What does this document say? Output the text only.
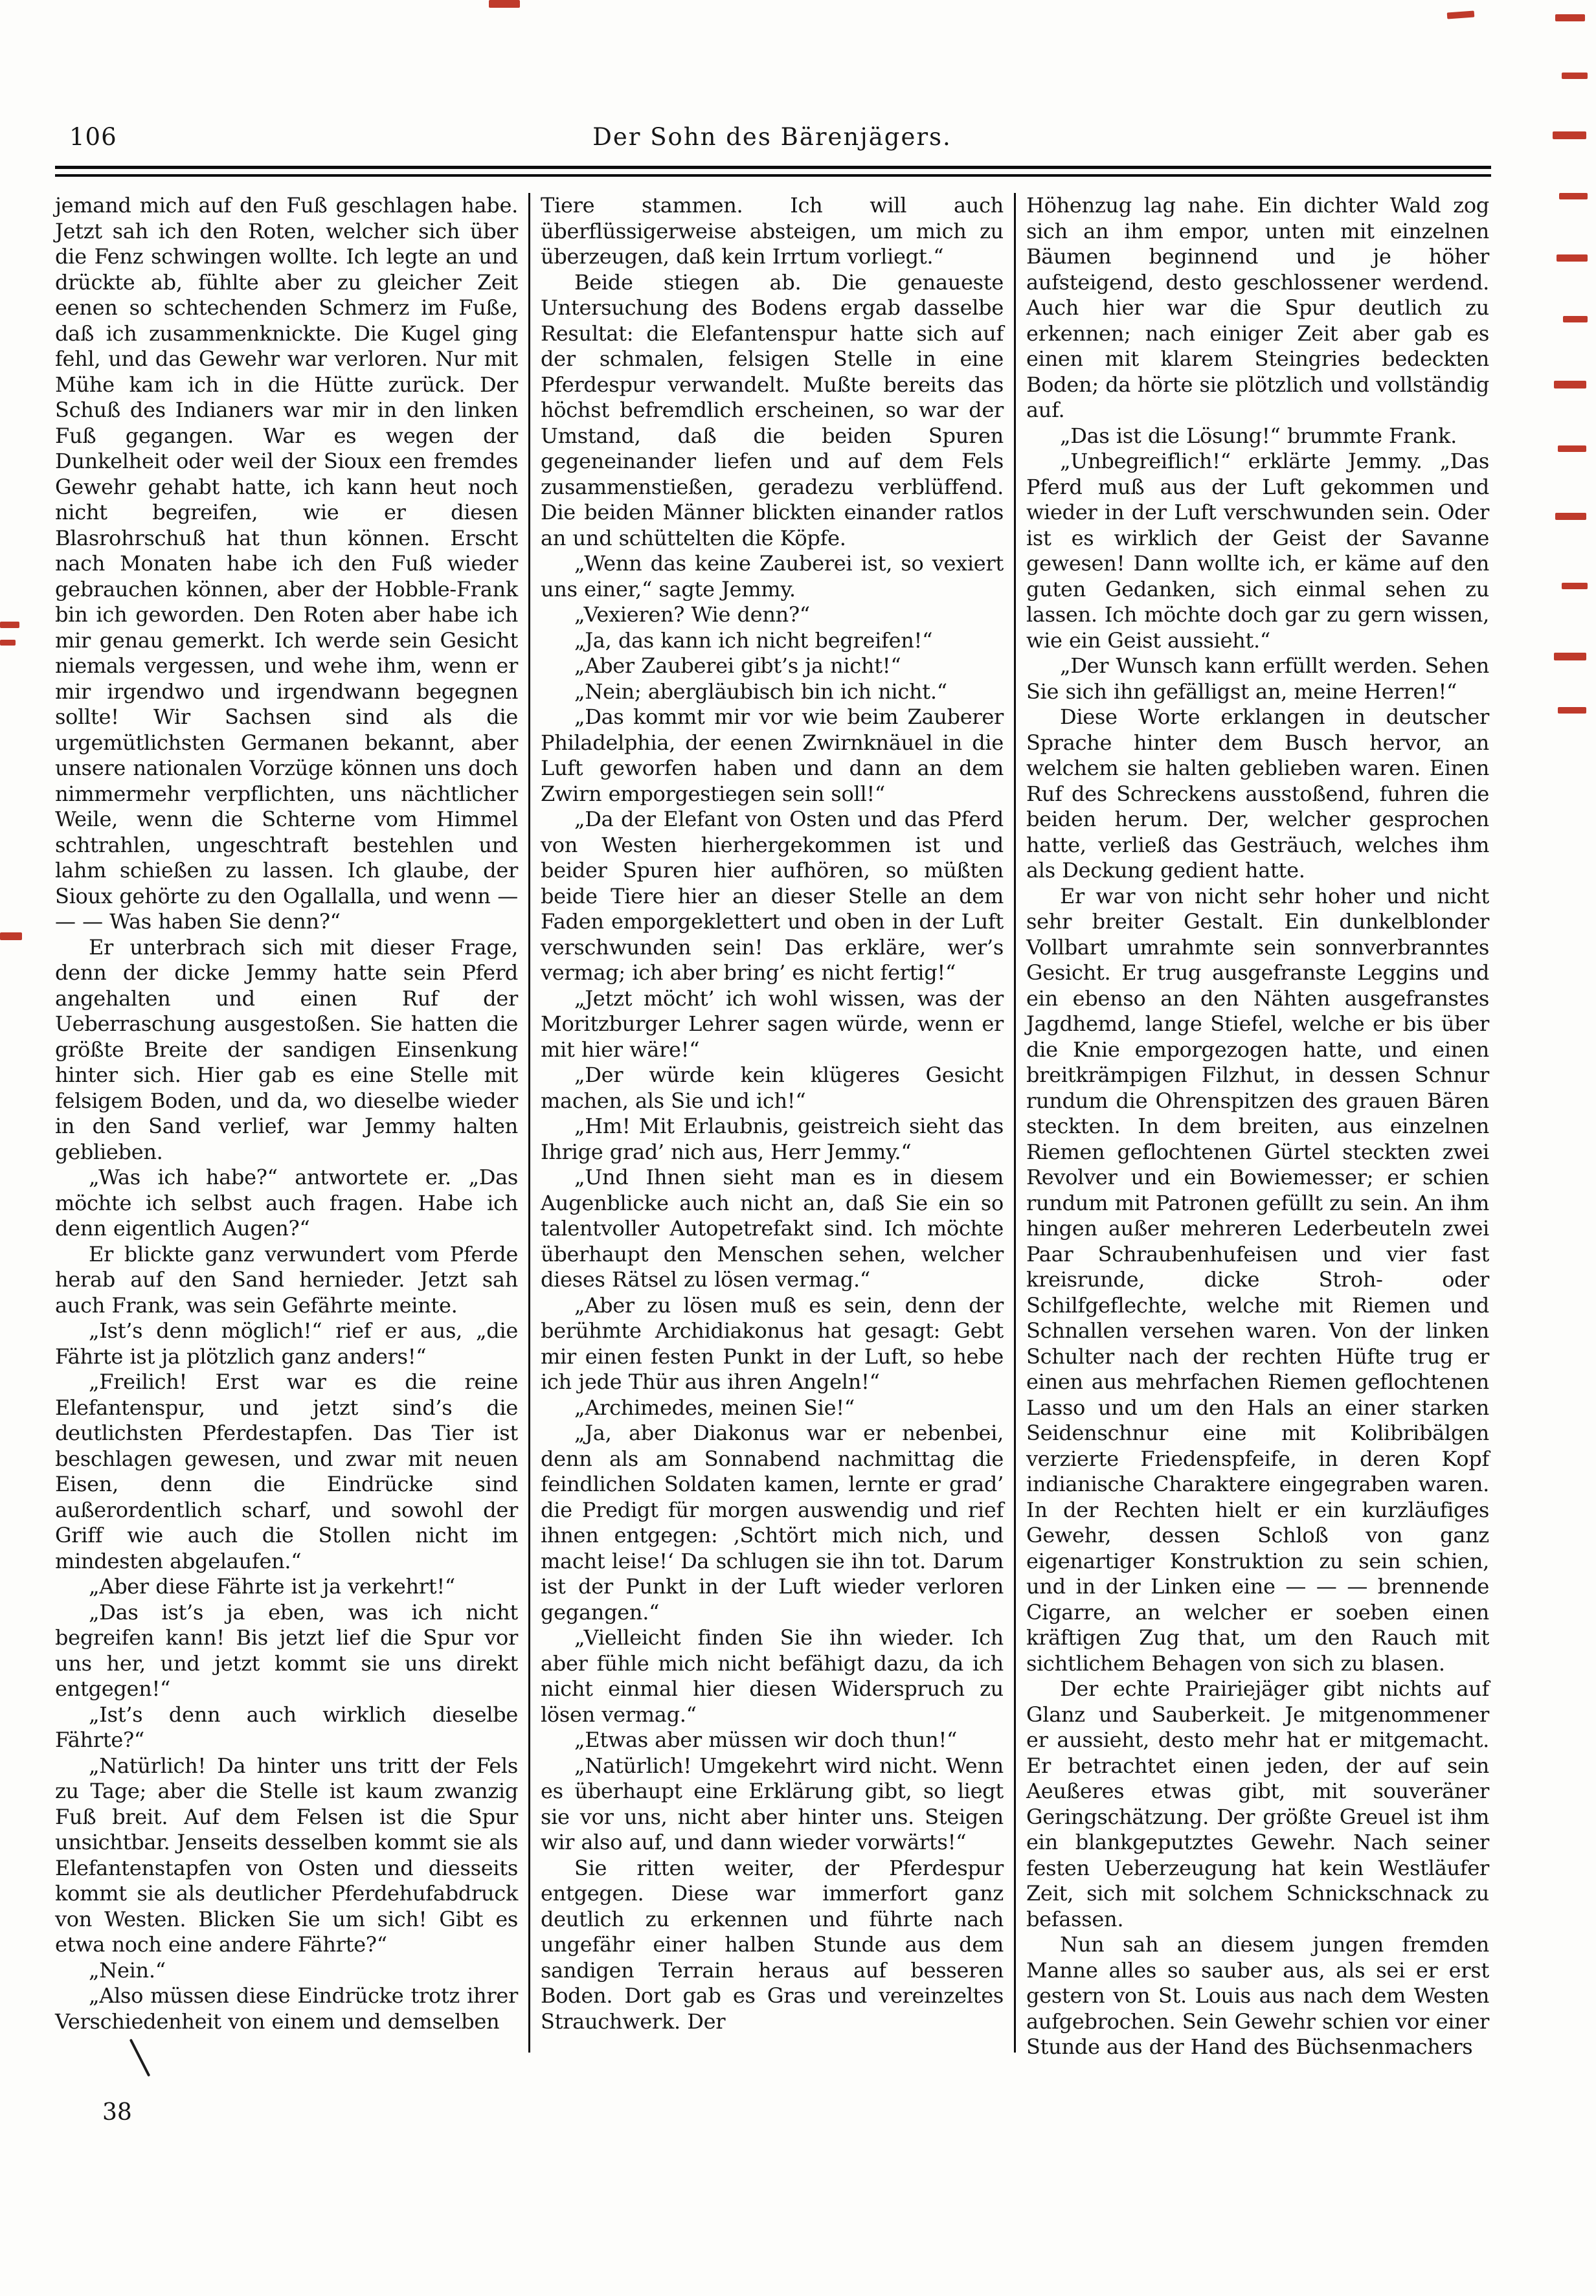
106	Der Sohn des Bärenjägers.

jemand mich auf den Fuß geschlagen habe. Jetzt sah ich den Roten, welcher sich über die Fenz schwingen wollte. Ich legte an und drückte ab, fühlte aber zu gleicher Zeit eenen so schtechenden Schmerz im Fuße, daß ich zusammenknickte. Die Kugel ging fehl, und das Gewehr war verloren. Nur mit Mühe kam ich in die Hütte zurück. Der Schuß des Indianers war mir in den linken Fuß gegangen. War es wegen der Dunkelheit oder weil der Sioux een fremdes Gewehr gehabt hatte, ich kann heut noch nicht begreifen, wie er diesen Blasrohrschuß hat thun können. Erscht nach Monaten habe ich den Fuß wieder gebrauchen können, aber der Hobble-Frank bin ich geworden. Den Roten aber habe ich mir genau gemerkt. Ich werde sein Gesicht niemals vergessen, und wehe ihm, wenn er mir irgendwo und irgendwann begegnen sollte! Wir Sachsen sind als die urgemütlichsten Germanen bekannt, aber unsere nationalen Vorzüge können uns doch nimmermehr verpflichten, uns nächtlicher Weile, wenn die Schterne vom Himmel schtrahlen, ungeschtraft bestehlen und lahm schießen zu lassen. Ich glaube, der Sioux gehörte zu den Ogallalla, und wenn — — — Was haben Sie denn?“

Er unterbrach sich mit dieser Frage, denn der dicke Jemmy hatte sein Pferd angehalten und einen Ruf der Ueberraschung ausgestoßen. Sie hatten die größte Breite der sandigen Einsenkung hinter sich. Hier gab es eine Stelle mit felsigem Boden, und da, wo dieselbe wieder in den Sand verlief, war Jemmy halten geblieben.

„Was ich habe?“ antwortete er. „Das möchte ich selbst auch fragen. Habe ich denn eigentlich Augen?“

Er blickte ganz verwundert vom Pferde herab auf den Sand hernieder. Jetzt sah auch Frank, was sein Gefährte meinte.

„Ist’s denn möglich!“ rief er aus, „die Fährte ist ja plötzlich ganz anders!“

„Freilich! Erst war es die reine Elefantenspur, und jetzt sind’s die deutlichsten Pferdestapfen. Das Tier ist beschlagen gewesen, und zwar mit neuen Eisen, denn die Eindrücke sind außerordentlich scharf, und sowohl der Griff wie auch die Stollen nicht im mindesten abgelaufen.“

„Aber diese Fährte ist ja verkehrt!“

„Das ist’s ja eben, was ich nicht begreifen kann! Bis jetzt lief die Spur vor uns her, und jetzt kommt sie uns direkt entgegen!“

„Ist’s denn auch wirklich dieselbe Fährte?“

„Natürlich! Da hinter uns tritt der Fels zu Tage; aber die Stelle ist kaum zwanzig Fuß breit. Auf dem Felsen ist die Spur unsichtbar. Jenseits desselben kommt sie als Elefantenstapfen von Osten und diesseits kommt sie als deutlicher Pferdehufabdruck von Westen. Blicken Sie um sich! Gibt es etwa noch eine andere Fährte?“

„Nein.“

„Also müssen diese Eindrücke trotz ihrer Verschiedenheit von einem und demselben

Tiere stammen. Ich will auch überflüssigerweise absteigen, um mich zu überzeugen, daß kein Irrtum vorliegt.“

Beide stiegen ab. Die genaueste Untersuchung des Bodens ergab dasselbe Resultat: die Elefantenspur hatte sich auf der schmalen, felsigen Stelle in eine Pferdespur verwandelt. Mußte bereits das höchst befremdlich erscheinen, so war der Umstand, daß die beiden Spuren gegeneinander liefen und auf dem Fels zusammenstießen, geradezu verblüffend. Die beiden Männer blickten einander ratlos an und schüttelten die Köpfe.

„Wenn das keine Zauberei ist, so vexiert uns einer,“ sagte Jemmy.

„Vexieren? Wie denn?“

„Ja, das kann ich nicht begreifen!“

„Aber Zauberei gibt’s ja nicht!“

„Nein; abergläubisch bin ich nicht.“

„Das kommt mir vor wie beim Zauberer Philadelphia, der eenen Zwirnknäuel in die Luft geworfen haben und dann an dem Zwirn emporgestiegen sein soll!“

„Da der Elefant von Osten und das Pferd von Westen hierhergekommen ist und beider Spuren hier aufhören, so müßten beide Tiere hier an dieser Stelle an dem Faden emporgeklettert und oben in der Luft verschwunden sein! Das erkläre, wer’s vermag; ich aber bring’ es nicht fertig!“

„Jetzt möcht’ ich wohl wissen, was der Moritzburger Lehrer sagen würde, wenn er mit hier wäre!“

„Der würde kein klügeres Gesicht machen, als Sie und ich!“

„Hm! Mit Erlaubnis, geistreich sieht das Ihrige grad’ nich aus, Herr Jemmy.“

„Und Ihnen sieht man es in diesem Augenblicke auch nicht an, daß Sie ein so talentvoller Autopetrefakt sind. Ich möchte überhaupt den Menschen sehen, welcher dieses Rätsel zu lösen vermag.“

„Aber zu lösen muß es sein, denn der berühmte Archidiakonus hat gesagt: Gebt mir einen festen Punkt in der Luft, so hebe ich jede Thür aus ihren Angeln!“

„Archimedes, meinen Sie!“

„Ja, aber Diakonus war er nebenbei, denn als am Sonnabend nachmittag die feindlichen Soldaten kamen, lernte er grad’ die Predigt für morgen auswendig und rief ihnen entgegen: ‚Schtört mich nich, und macht leise!‘ Da schlugen sie ihn tot. Darum ist der Punkt in der Luft wieder verloren gegangen.“

„Vielleicht finden Sie ihn wieder. Ich aber fühle mich nicht befähigt dazu, da ich nicht einmal hier diesen Widerspruch zu lösen vermag.“

„Etwas aber müssen wir doch thun!“

„Natürlich! Umgekehrt wird nicht. Wenn es überhaupt eine Erklärung gibt, so liegt sie vor uns, nicht aber hinter uns. Steigen wir also auf, und dann wieder vorwärts!“

Sie ritten weiter, der Pferdespur entgegen. Diese war immerfort ganz deutlich zu erkennen und führte nach ungefähr einer halben Stunde aus dem sandigen Terrain heraus auf besseren Boden. Dort gab es Gras und vereinzeltes Strauchwerk. Der

Höhenzug lag nahe. Ein dichter Wald zog sich an ihm empor, unten mit einzelnen Bäumen beginnend und je höher aufsteigend, desto geschlossener werdend. Auch hier war die Spur deutlich zu erkennen; nach einiger Zeit aber gab es einen mit klarem Steingries bedeckten Boden; da hörte sie plötzlich und vollständig auf.

„Das ist die Lösung!“ brummte Frank.

„Unbegreiflich!“ erklärte Jemmy. „Das Pferd muß aus der Luft gekommen und wieder in der Luft verschwunden sein. Oder ist es wirklich der Geist der Savanne gewesen! Dann wollte ich, er käme auf den guten Gedanken, sich einmal sehen zu lassen. Ich möchte doch gar zu gern wissen, wie ein Geist aussieht.“

„Der Wunsch kann erfüllt werden. Sehen Sie sich ihn gefälligst an, meine Herren!“

Diese Worte erklangen in deutscher Sprache hinter dem Busch hervor, an welchem sie halten geblieben waren. Einen Ruf des Schreckens ausstoßend, fuhren die beiden herum. Der, welcher gesprochen hatte, verließ das Gesträuch, welches ihm als Deckung gedient hatte.

Er war von nicht sehr hoher und nicht sehr breiter Gestalt. Ein dunkelblonder Vollbart umrahmte sein sonnverbranntes Gesicht. Er trug ausgefranste Leggins und ein ebenso an den Nähten ausgefranstes Jagdhemd, lange Stiefel, welche er bis über die Knie emporgezogen hatte, und einen breitkrämpigen Filzhut, in dessen Schnur rundum die Ohrenspitzen des grauen Bären steckten. In dem breiten, aus einzelnen Riemen geflochtenen Gürtel steckten zwei Revolver und ein Bowiemesser; er schien rundum mit Patronen gefüllt zu sein. An ihm hingen außer mehreren Lederbeuteln zwei Paar Schraubenhufeisen und vier fast kreisrunde, dicke Stroh- oder Schilfgeflechte, welche mit Riemen und Schnallen versehen waren. Von der linken Schulter nach der rechten Hüfte trug er einen aus mehrfachen Riemen geflochtenen Lasso und um den Hals an einer starken Seidenschnur eine mit Kolibribälgen verzierte Friedenspfeife, in deren Kopf indianische Charaktere eingegraben waren. In der Rechten hielt er ein kurzläufiges Gewehr, dessen Schloß von ganz eigenartiger Konstruktion zu sein schien, und in der Linken eine — — — brennende Cigarre, an welcher er soeben einen kräftigen Zug that, um den Rauch mit sichtlichem Behagen von sich zu blasen.

Der echte Prairiejäger gibt nichts auf Glanz und Sauberkeit. Je mitgenommener er aussieht, desto mehr hat er mitgemacht. Er betrachtet einen jeden, der auf sein Aeußeres etwas gibt, mit souveräner Geringschätzung. Der größte Greuel ist ihm ein blankgeputztes Gewehr. Nach seiner festen Ueberzeugung hat kein Westläufer Zeit, sich mit solchem Schnickschnack zu befassen.

Nun sah an diesem jungen fremden Manne alles so sauber aus, als sei er erst gestern von St. Louis aus nach dem Westen aufgebrochen. Sein Gewehr schien vor einer Stunde aus der Hand des Büchsenmachers

38
